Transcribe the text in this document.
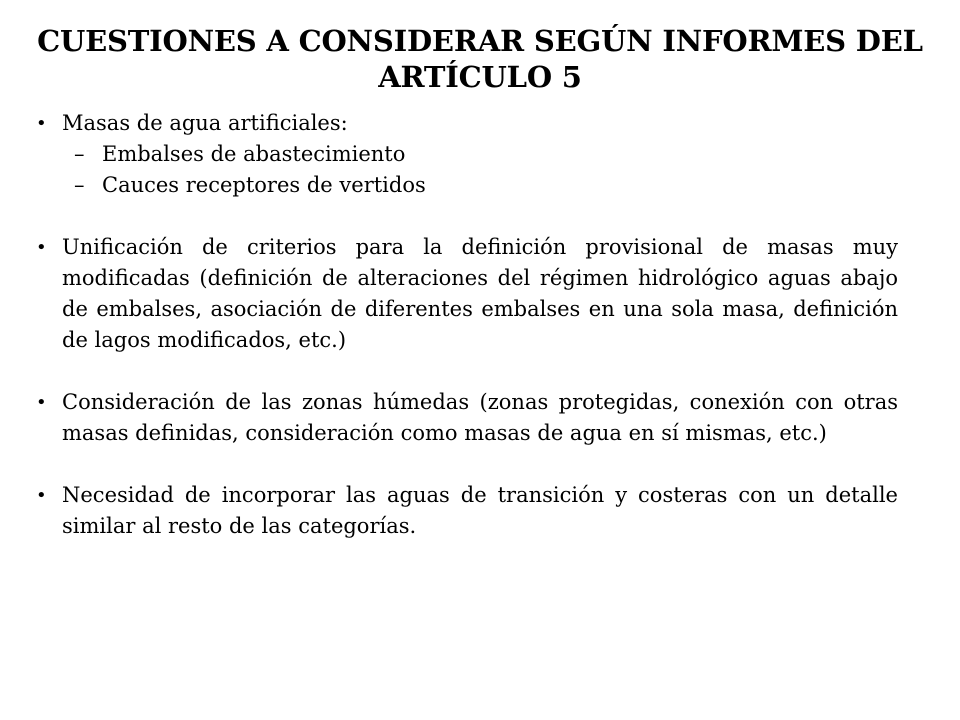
CUESTIONES A CONSIDERAR SEGÚN INFORMES DEL
ARTÍCULO 5
• Masas de agua artificiales:
– Embalses de abastecimiento
– Cauces receptores de vertidos
• Unificación de criterios para la definición provisional de masas muy modificadas (definición de alteraciones del régimen hidrológico aguas abajo de embalses, asociación de diferentes embalses en una sola masa, definición de lagos modificados, etc.)
• Consideración de las zonas húmedas (zonas protegidas, conexión con otras masas definidas, consideración como masas de agua en sí mismas, etc.)
• Necesidad de incorporar las aguas de transición y costeras con un detalle similar al resto de las categorías.
